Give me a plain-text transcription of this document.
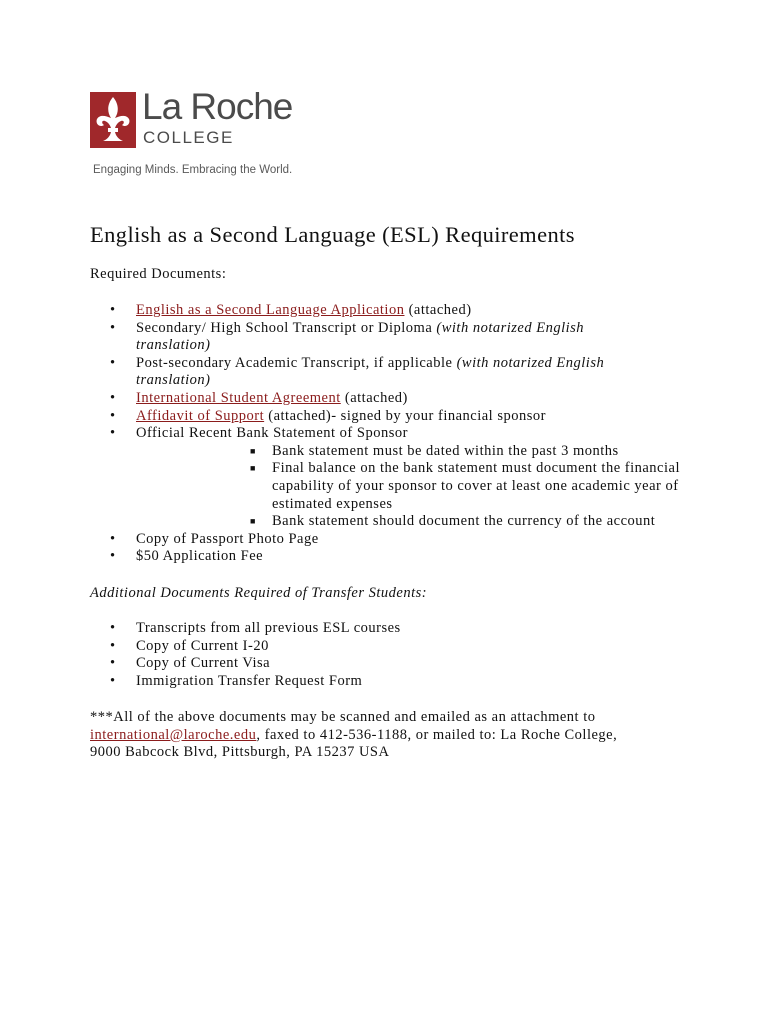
La Roche
COLLEGE
Engaging Minds. Embracing the World.
English as a Second Language (ESL) Requirements

Required Documents:

• English as a Second Language Application (attached)
• Secondary/ High School Transcript or Diploma (with notarized English
translation)
• Post-secondary Academic Transcript, if applicable (with notarized English
translation)
• International Student Agreement (attached)
• Affidavit of Support (attached)- signed by your financial sponsor
• Official Recent Bank Statement of Sponsor
■ Bank statement must be dated within the past 3 months
■ Final balance on the bank statement must document the financial
capability of your sponsor to cover at least one academic year of
estimated expenses
■ Bank statement should document the currency of the account
• Copy of Passport Photo Page
• $50 Application Fee

Additional Documents Required of Transfer Students:

• Transcripts from all previous ESL courses
• Copy of Current I-20
• Copy of Current Visa
• Immigration Transfer Request Form

***All of the above documents may be scanned and emailed as an attachment to
international@laroche.edu, faxed to 412-536-1188, or mailed to: La Roche College,
9000 Babcock Blvd, Pittsburgh, PA 15237 USA
